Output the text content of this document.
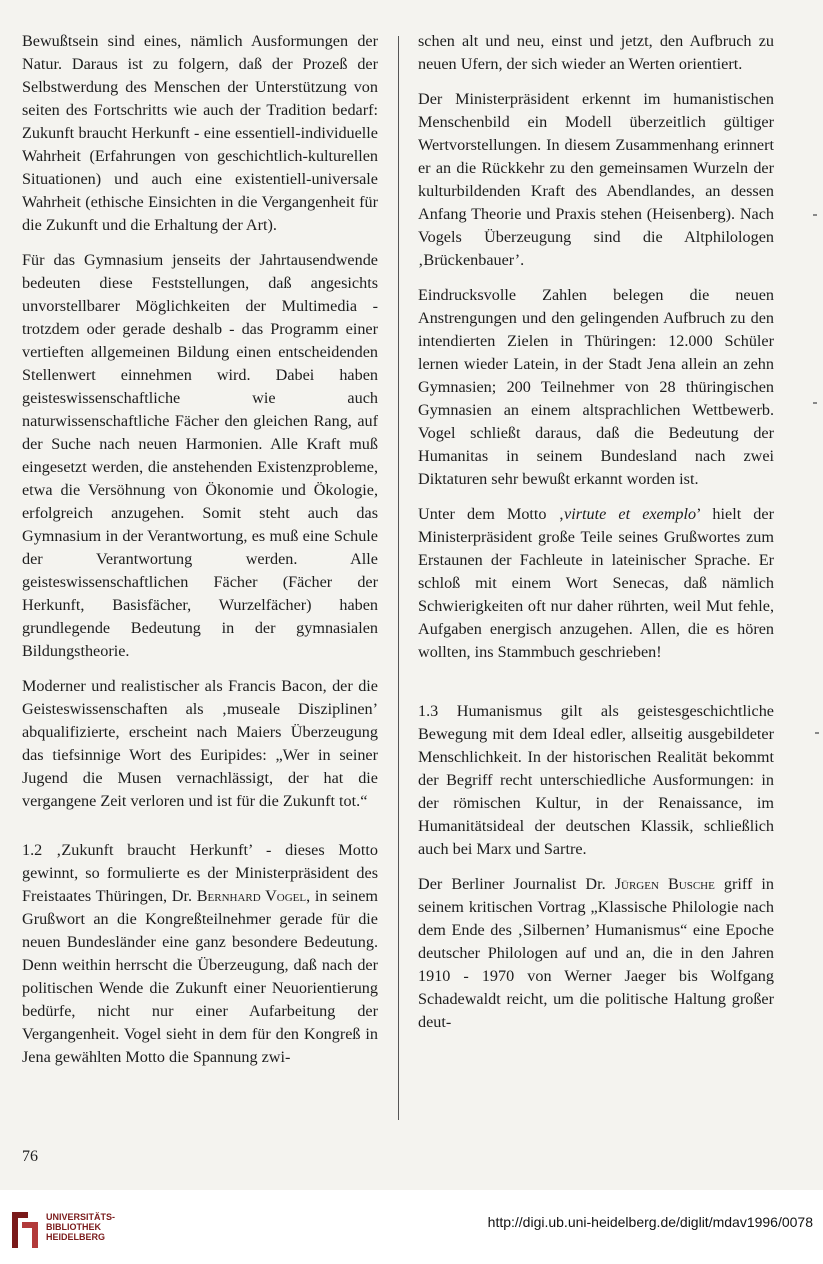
Bewußtsein sind eines, nämlich Ausformungen der Natur. Daraus ist zu folgern, daß der Prozeß der Selbstwerdung des Menschen der Unterstützung von seiten des Fortschritts wie auch der Tradition bedarf: Zukunft braucht Herkunft - eine essentiell-individuelle Wahrheit (Erfahrungen von geschichtlich-kulturellen Situationen) und auch eine existentiell-universale Wahrheit (ethische Einsichten in die Vergangenheit für die Zukunft und die Erhaltung der Art).

Für das Gymnasium jenseits der Jahrtausendwende bedeuten diese Feststellungen, daß angesichts unvorstellbarer Möglichkeiten der Multimedia - trotzdem oder gerade deshalb - das Programm einer vertieften allgemeinen Bildung einen entscheidenden Stellenwert einnehmen wird. Dabei haben geisteswissenschaftliche wie auch naturwissenschaftliche Fächer den gleichen Rang, auf der Suche nach neuen Harmonien. Alle Kraft muß eingesetzt werden, die anstehenden Existenzprobleme, etwa die Versöhnung von Ökonomie und Ökologie, erfolgreich anzugehen. Somit steht auch das Gymnasium in der Verantwortung, es muß eine Schule der Verantwortung werden. Alle geisteswissenschaftlichen Fächer (Fächer der Herkunft, Basisfächer, Wurzelfächer) haben grundlegende Bedeutung in der gymnasialen Bildungstheorie.

Moderner und realistischer als Francis Bacon, der die Geisteswissenschaften als ‚museale Disziplinen’ abqualifizierte, erscheint nach Maiers Überzeugung das tiefsinnige Wort des Euripides: „Wer in seiner Jugend die Musen vernachlässigt, der hat die vergangene Zeit verloren und ist für die Zukunft tot.“

1.2 ‚Zukunft braucht Herkunft’ - dieses Motto gewinnt, so formulierte es der Ministerpräsident des Freistaates Thüringen, Dr. Bernhard Vogel, in seinem Grußwort an die Kongreßteilnehmer gerade für die neuen Bundesländer eine ganz besondere Bedeutung. Denn weithin herrscht die Überzeugung, daß nach der politischen Wende die Zukunft einer Neuorientierung bedürfe, nicht nur einer Aufarbeitung der Vergangenheit. Vogel sieht in dem für den Kongreß in Jena gewählten Motto die Spannung zwi-

schen alt und neu, einst und jetzt, den Aufbruch zu neuen Ufern, der sich wieder an Werten orientiert.

Der Ministerpräsident erkennt im humanistischen Menschenbild ein Modell überzeitlich gültiger Wertvorstellungen. In diesem Zusammenhang erinnert er an die Rückkehr zu den gemeinsamen Wurzeln der kulturbildenden Kraft des Abendlandes, an dessen Anfang Theorie und Praxis stehen (Heisenberg). Nach Vogels Überzeugung sind die Altphilologen ‚Brückenbauer’.

Eindrucksvolle Zahlen belegen die neuen Anstrengungen und den gelingenden Aufbruch zu den intendierten Zielen in Thüringen: 12.000 Schüler lernen wieder Latein, in der Stadt Jena allein an zehn Gymnasien; 200 Teilnehmer von 28 thüringischen Gymnasien an einem altsprachlichen Wettbewerb. Vogel schließt daraus, daß die Bedeutung der Humanitas in seinem Bundesland nach zwei Diktaturen sehr bewußt erkannt worden ist.

Unter dem Motto ‚virtute et exemplo’ hielt der Ministerpräsident große Teile seines Grußwortes zum Erstaunen der Fachleute in lateinischer Sprache. Er schloß mit einem Wort Senecas, daß nämlich Schwierigkeiten oft nur daher rührten, weil Mut fehle, Aufgaben energisch anzugehen. Allen, die es hören wollten, ins Stammbuch geschrieben!

1.3 Humanismus gilt als geistesgeschichtliche Bewegung mit dem Ideal edler, allseitig ausgebildeter Menschlichkeit. In der historischen Realität bekommt der Begriff recht unterschiedliche Ausformungen: in der römischen Kultur, in der Renaissance, im Humanitätsideal der deutschen Klassik, schließlich auch bei Marx und Sartre.

Der Berliner Journalist Dr. Jürgen Busche griff in seinem kritischen Vortrag „Klassische Philologie nach dem Ende des ‚Silbernen’ Humanismus“ eine Epoche deutscher Philologen auf und an, die in den Jahren 1910 - 1970 von Werner Jaeger bis Wolfgang Schadewaldt reicht, um die politische Haltung großer deut-

76
UNIVERSITÄTS-
BIBLIOTHEK
HEIDELBERG
http://digi.ub.uni-heidelberg.de/diglit/mdav1996/0078
